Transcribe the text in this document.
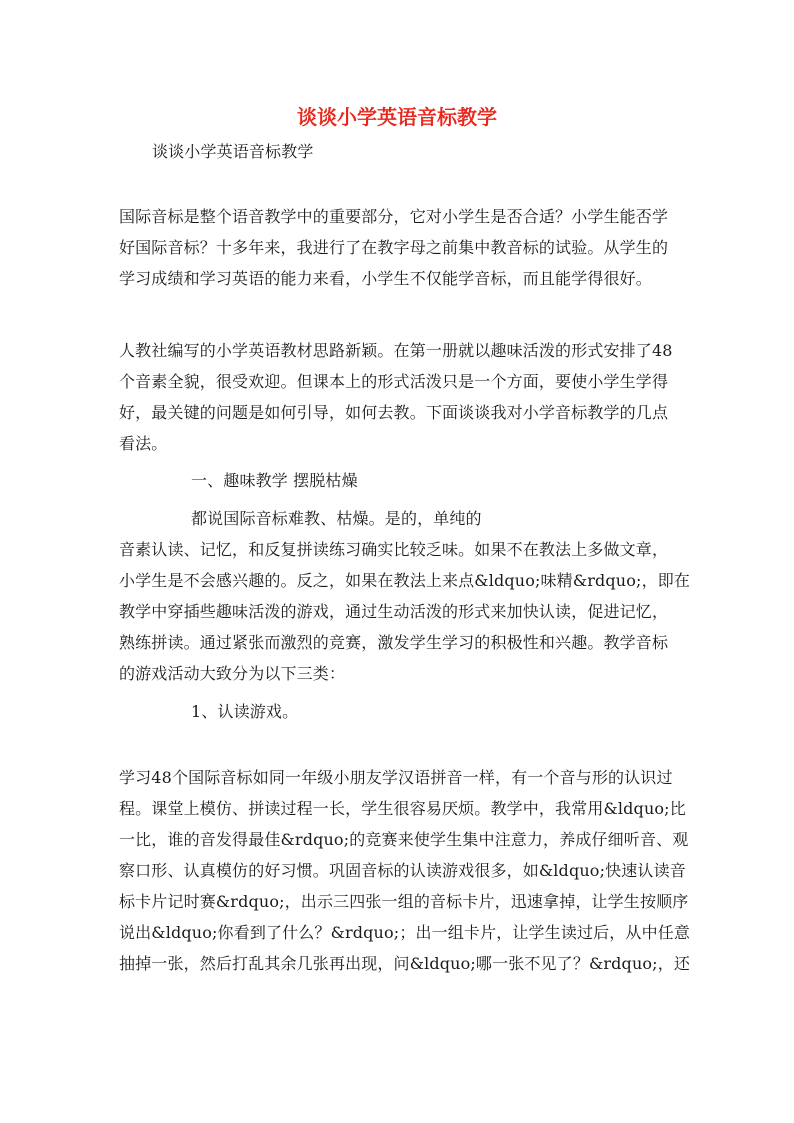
谈谈小学英语音标教学
谈谈小学英语音标教学
国际音标是整个语音教学中的重要部分，它对小学生是否合适？小学生能否学
好国际音标？十多年来，我进行了在教字母之前集中教音标的试验。从学生的
学习成绩和学习英语的能力来看，小学生不仅能学音标，而且能学得很好。
人教社编写的小学英语教材思路新颖。在第一册就以趣味活泼的形式安排了48
个音素全貌，很受欢迎。但课本上的形式活泼只是一个方面，要使小学生学得
好，最关键的问题是如何引导，如何去教。下面谈谈我对小学音标教学的几点
看法。
一、趣味教学 摆脱枯燥
都说国际音标难教、枯燥。是的，单纯的
音素认读、记忆，和反复拼读练习确实比较乏味。如果不在教法上多做文章，
小学生是不会感兴趣的。反之，如果在教法上来点&ldquo;味精&rdquo;，即在
教学中穿插些趣味活泼的游戏，通过生动活泼的形式来加快认读，促进记忆，
熟练拼读。通过紧张而激烈的竞赛，激发学生学习的积极性和兴趣。教学音标
的游戏活动大致分为以下三类：
1、认读游戏。
学习48个国际音标如同一年级小朋友学汉语拼音一样，有一个音与形的认识过
程。课堂上模仿、拼读过程一长，学生很容易厌烦。教学中，我常用&ldquo;比
一比，谁的音发得最佳&rdquo;的竞赛来使学生集中注意力，养成仔细听音、观
察口形、认真模仿的好习惯。巩固音标的认读游戏很多，如&ldquo;快速认读音
标卡片记时赛&rdquo;，出示三四张一组的音标卡片，迅速拿掉，让学生按顺序
说出&ldquo;你看到了什么？&rdquo;；出一组卡片，让学生读过后，从中任意
抽掉一张，然后打乱其余几张再出现，问&ldquo;哪一张不见了？&rdquo;，还
